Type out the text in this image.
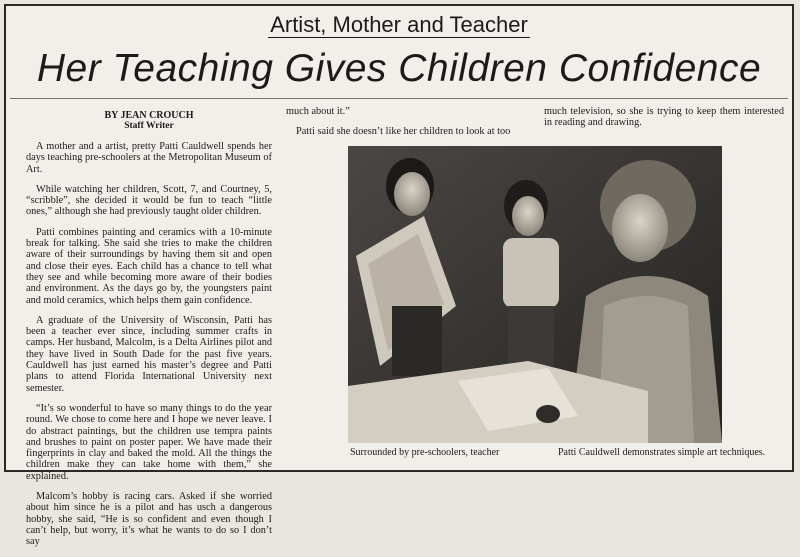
Artist, Mother and Teacher
Her Teaching Gives Children Confidence
BY JEAN CROUCH
Staff Writer

A mother and a artist, pretty Patti Cauldwell spends her days teaching pre-schoolers at the Metropolitan Museum of Art.

While watching her children, Scott, 7, and Courtney, 5, “scribble”, she decided it would be fun to teach “little ones,” although she had previously taught older children.

Patti combines painting and ceramics with a 10-minute break for talking. She said she tries to make the children aware of their surroundings by having them sit and open and close their eyes. Each child has a chance to tell what they see and while becoming more aware of their bodies and environment. As the days go by, the youngsters paint and mold ceramics, which helps them gain confidence.

A graduate of the University of Wisconsin, Patti has been a teacher ever since, including summer crafts in camps. Her husband, Malcolm, is a Delta Airlines pilot and they have lived in South Dade for the past five years. Cauldwell has just earned his master’s degree and Patti plans to attend Florida International University next semester.

“It’s so wonderful to have so many things to do the year round. We chose to come here and I hope we never leave. I do abstract paintings, but the children use tempra paints and brushes to paint on poster paper. We have made their fingerprints in clay and baked the mold. All the things the children make they can take home with them,” she explained.

Malcom’s hobby is racing cars. Asked if she worried about him since he is a pilot and has usch a dangerous hobby, she said, “He is so confident and even though I can’t help, but worry, it’s what he wants to do so I don’t say

much about it.”

Patti said she doesn’t like her children to look at too

much television, so she is trying to keep them interested in reading and drawing.

Surrounded by pre-schoolers, teacher	Patti Cauldwell demonstrates simple art techniques.
